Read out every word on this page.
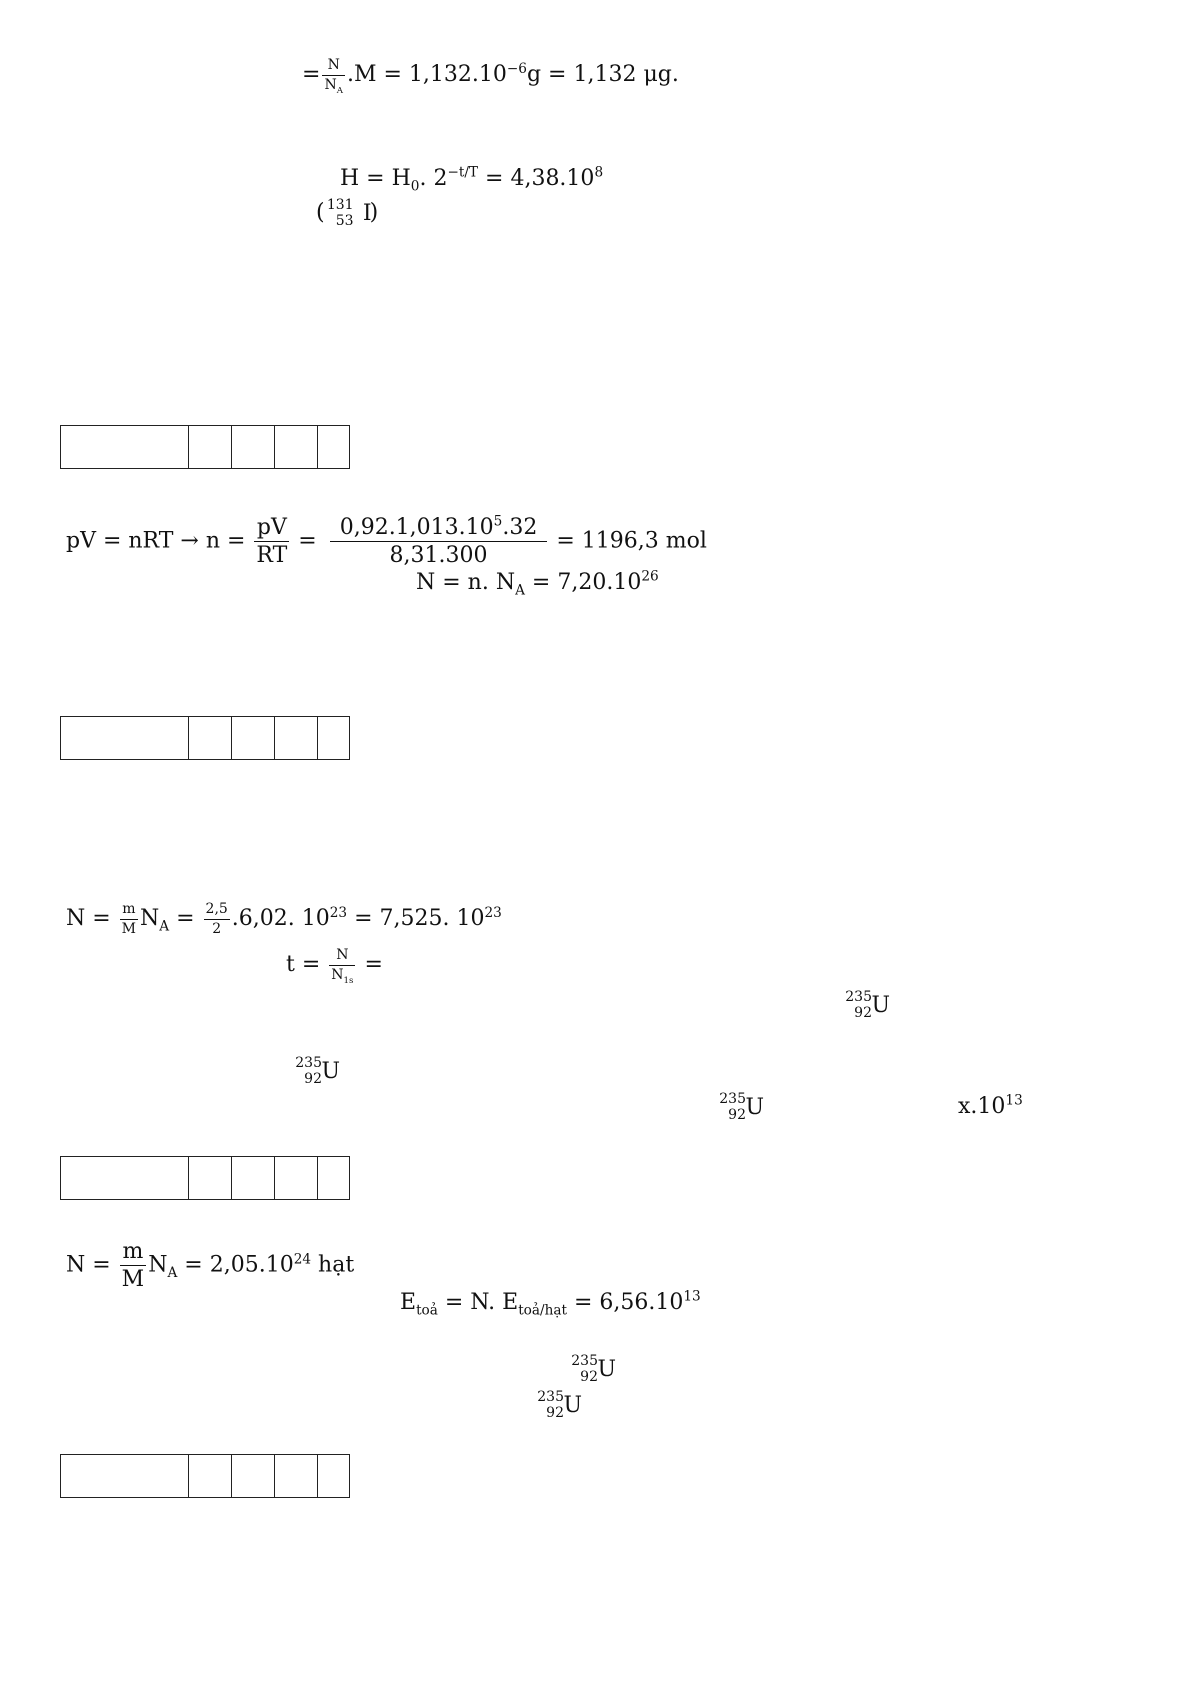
= $\frac{N}{N_A} .M = 1,132.10^{-6}g = 1,132$ μg.
$H = H_0$. $2^{-t/T} = 4,38.10^8$
( 131
53 I
)
pV = nRT → $n = \frac{pV}{RT} = \frac{0,92.1,013.10^5.32}{8,31.300} = 1196,3$ mol
N = n. $N_A = 7,20.10^{26}$
$N = \frac{m}{M} N_A = \frac{2,5}{2} .6,02$. $10^{23} = 7,525$. $10^{23}$
$t = \frac{N}{N_{1s}}$ =
235
92 U
235
92 U
235
92 U	$x.10^{13}$
$N = \frac{m}{M} N_A = 2,05.10^{24}$ hạt
$E_{toả} = N$. $E_{toả/hạt} = 6,56.10^{13}$
235
92 U
235
92 U
